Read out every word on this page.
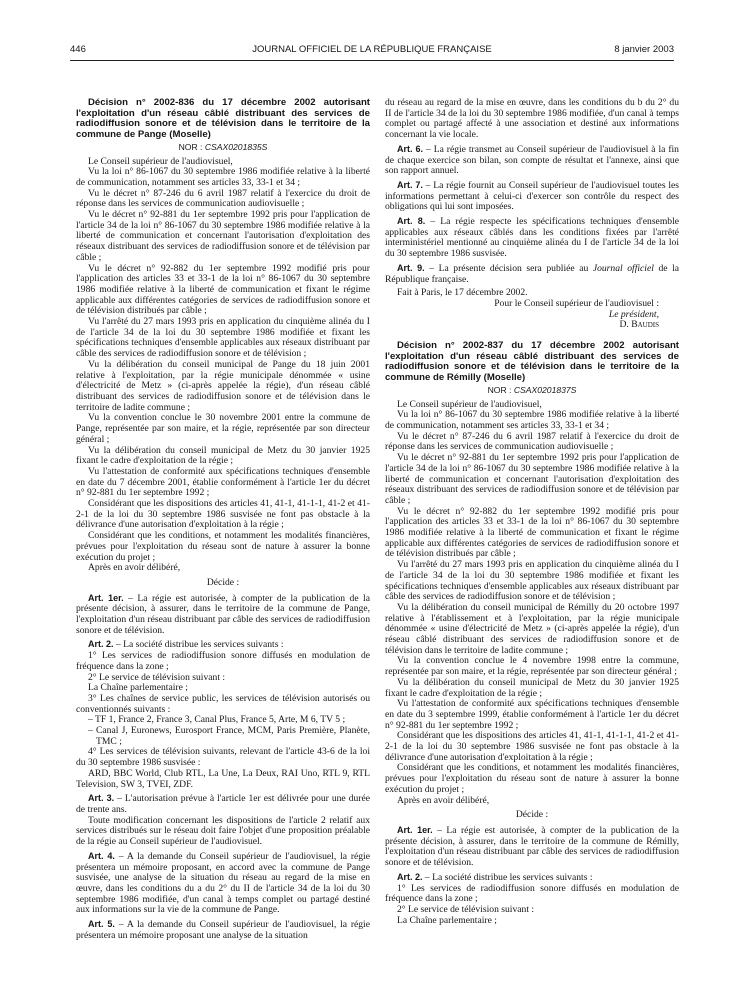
446	JOURNAL OFFICIEL DE LA RÉPUBLIQUE FRANÇAISE	8 janvier 2003

Décision n° 2002-836 du 17 décembre 2002 autorisant l'exploitation d'un réseau câblé distribuant des services de radiodiffusion sonore et de télévision dans le territoire de la commune de Pange (Moselle)

NOR : CSAX0201835S

Le Conseil supérieur de l'audiovisuel,

Vu la loi n° 86-1067 du 30 septembre 1986 modifiée relative à la liberté de communication, notamment ses articles 33, 33-1 et 34 ;

Vu le décret n° 87-246 du 6 avril 1987 relatif à l'exercice du droit de réponse dans les services de communication audiovisuelle ;

Vu le décret n° 92-881 du 1er septembre 1992 pris pour l'application de l'article 34 de la loi n° 86-1067 du 30 septembre 1986 modifiée relative à la liberté de communication et concernant l'autorisation d'exploitation des réseaux distribuant des services de radiodiffusion sonore et de télévision par câble ;

Vu le décret n° 92-882 du 1er septembre 1992 modifié pris pour l'application des articles 33 et 33-1 de la loi n° 86-1067 du 30 septembre 1986 modifiée relative à la liberté de communication et fixant le régime applicable aux différentes catégories de services de radiodiffusion sonore et de télévision distribués par câble ;

Vu l'arrêté du 27 mars 1993 pris en application du cinquième alinéa du I de l'article 34 de la loi du 30 septembre 1986 modifiée et fixant les spécifications techniques d'ensemble applicables aux réseaux distribuant par câble des services de radiodiffusion sonore et de télévision ;

Vu la délibération du conseil municipal de Pange du 18 juin 2001 relative à l'exploitation, par la régie municipale dénommée « usine d'électricité de Metz » (ci-après appelée la régie), d'un réseau câblé distribuant des services de radiodiffusion sonore et de télévision dans le territoire de ladite commune ;

Vu la convention conclue le 30 novembre 2001 entre la commune de Pange, représentée par son maire, et la régie, représentée par son directeur général ;

Vu la délibération du conseil municipal de Metz du 30 janvier 1925 fixant le cadre d'exploitation de la régie ;

Vu l'attestation de conformité aux spécifications techniques d'ensemble en date du 7 décembre 2001, établie conformément à l'article 1er du décret n° 92-881 du 1er septembre 1992 ;

Considérant que les dispositions des articles 41, 41-1, 41-1-1, 41-2 et 41-2-1 de la loi du 30 septembre 1986 susvisée ne font pas obstacle à la délivrance d'une autorisation d'exploitation à la régie ;

Considérant que les conditions, et notamment les modalités financières, prévues pour l'exploitation du réseau sont de nature à assurer la bonne exécution du projet ;

Après en avoir délibéré,

Décide :

Art. 1er. – La régie est autorisée, à compter de la publication de la présente décision, à assurer, dans le territoire de la commune de Pange, l'exploitation d'un réseau distribuant par câble des services de radiodiffusion sonore et de télévision.

Art. 2. – La société distribue les services suivants :

1° Les services de radiodiffusion sonore diffusés en modulation de fréquence dans la zone ;

2° Le service de télévision suivant :

La Chaîne parlementaire ;

3° Les chaînes de service public, les services de télévision autorisés ou conventionnés suivants :

– TF 1, France 2, France 3, Canal Plus, France 5, Arte, M 6, TV 5 ;

– Canal J, Euronews, Eurosport France, MCM, Paris Première, Planète, TMC ;

4° Les services de télévision suivants, relevant de l'article 43-6 de la loi du 30 septembre 1986 susvisée :

ARD, BBC World, Club RTL, La Une, La Deux, RAI Uno, RTL 9, RTL Television, SW 3, TVEI, ZDF.

Art. 3. – L'autorisation prévue à l'article 1er est délivrée pour une durée de trente ans.

Toute modification concernant les dispositions de l'article 2 relatif aux services distribués sur le réseau doit faire l'objet d'une proposition préalable de la régie au Conseil supérieur de l'audiovisuel.

Art. 4. – A la demande du Conseil supérieur de l'audiovisuel, la régie présentera un mémoire proposant, en accord avec la commune de Pange susvisée, une analyse de la situation du réseau au regard de la mise en œuvre, dans les conditions du a du 2° du II de l'article 34 de la loi du 30 septembre 1986 modifiée, d'un canal à temps complet ou partagé destiné aux informations sur la vie de la commune de Pange.

Art. 5. – A la demande du Conseil supérieur de l'audiovisuel, la régie présentera un mémoire proposant une analyse de la situation

du réseau au regard de la mise en œuvre, dans les conditions du b du 2° du II de l'article 34 de la loi du 30 septembre 1986 modifiée, d'un canal à temps complet ou partagé affecté à une association et destiné aux informations concernant la vie locale.

Art. 6. – La régie transmet au Conseil supérieur de l'audiovisuel à la fin de chaque exercice son bilan, son compte de résultat et l'annexe, ainsi que son rapport annuel.

Art. 7. – La régie fournit au Conseil supérieur de l'audiovisuel toutes les informations permettant à celui-ci d'exercer son contrôle du respect des obligations qui lui sont imposées.

Art. 8. – La régie respecte les spécifications techniques d'ensemble applicables aux réseaux câblés dans les conditions fixées par l'arrêté interministériel mentionné au cinquième alinéa du I de l'article 34 de la loi du 30 septembre 1986 susvisée.

Art. 9. – La présente décision sera publiée au Journal officiel de la République française.

Fait à Paris, le 17 décembre 2002.

Pour le Conseil supérieur de l'audiovisuel :

Le président,

D. Baudis

Décision n° 2002-837 du 17 décembre 2002 autorisant l'exploitation d'un réseau câblé distribuant des services de radiodiffusion sonore et de télévision dans le territoire de la commune de Rémilly (Moselle)

NOR : CSAX0201837S

Le Conseil supérieur de l'audiovisuel,

Vu la loi n° 86-1067 du 30 septembre 1986 modifiée relative à la liberté de communication, notamment ses articles 33, 33-1 et 34 ;

Vu le décret n° 87-246 du 6 avril 1987 relatif à l'exercice du droit de réponse dans les services de communication audiovisuelle ;

Vu le décret n° 92-881 du 1er septembre 1992 pris pour l'application de l'article 34 de la loi n° 86-1067 du 30 septembre 1986 modifiée relative à la liberté de communication et concernant l'autorisation d'exploitation des réseaux distribuant des services de radiodiffusion sonore et de télévision par câble ;

Vu le décret n° 92-882 du 1er septembre 1992 modifié pris pour l'application des articles 33 et 33-1 de la loi n° 86-1067 du 30 septembre 1986 modifiée relative à la liberté de communication et fixant le régime applicable aux différentes catégories de services de radiodiffusion sonore et de télévision distribués par câble ;

Vu l'arrêté du 27 mars 1993 pris en application du cinquième alinéa du I de l'article 34 de la loi du 30 septembre 1986 modifiée et fixant les spécifications techniques d'ensemble applicables aux réseaux distribuant par câble des services de radiodiffusion sonore et de télévision ;

Vu la délibération du conseil municipal de Rémilly du 20 octobre 1997 relative à l'établissement et à l'exploitation, par la régie municipale dénommée « usine d'électricité de Metz » (ci-après appelée la régie), d'un réseau câblé distribuant des services de radiodiffusion sonore et de télévision dans le territoire de ladite commune ;

Vu la convention conclue le 4 novembre 1998 entre la commune, représentée par son maire, et la régie, représentée par son directeur général ;

Vu la délibération du conseil municipal de Metz du 30 janvier 1925 fixant le cadre d'exploitation de la régie ;

Vu l'attestation de conformité aux spécifications techniques d'ensemble en date du 3 septembre 1999, établie conformément à l'article 1er du décret n° 92-881 du 1er septembre 1992 ;

Considérant que les dispositions des articles 41, 41-1, 41-1-1, 41-2 et 41-2-1 de la loi du 30 septembre 1986 susvisée ne font pas obstacle à la délivrance d'une autorisation d'exploitation à la régie ;

Considérant que les conditions, et notamment les modalités financières, prévues pour l'exploitation du réseau sont de nature à assurer la bonne exécution du projet ;

Après en avoir délibéré,

Décide :

Art. 1er. – La régie est autorisée, à compter de la publication de la présente décision, à assurer, dans le territoire de la commune de Rémilly, l'exploitation d'un réseau distribuant par câble des services de radiodiffusion sonore et de télévision.

Art. 2. – La société distribue les services suivants :

1° Les services de radiodiffusion sonore diffusés en modulation de fréquence dans la zone ;

2° Le service de télévision suivant :

La Chaîne parlementaire ;
